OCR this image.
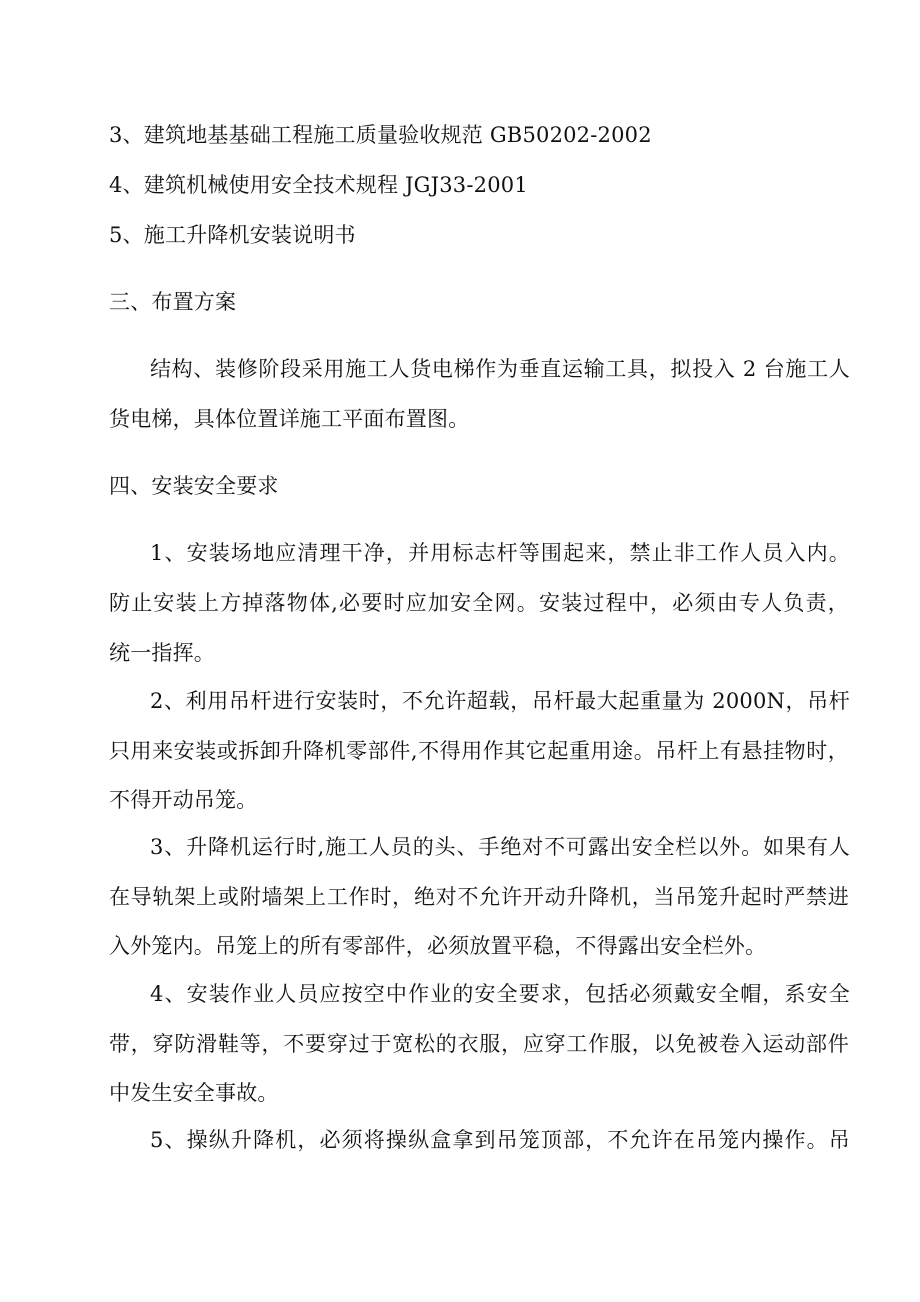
3、建筑地基基础工程施工质量验收规范 GB50202-2002
4、建筑机械使用安全技术规程 JGJ33-2001
5、施工升降机安装说明书
三、布置方案
结构、装修阶段采用施工人货电梯作为垂直运输工具，拟投入 2 台施工人
货电梯，具体位置详施工平面布置图。
四、安装安全要求
1、安装场地应清理干净，并用标志杆等围起来，禁止非工作人员入内。
防止安装上方掉落物体,必要时应加安全网。安装过程中，必须由专人负责，
统一指挥。
2、利用吊杆进行安装时，不允许超载，吊杆最大起重量为 2000N，吊杆
只用来安装或拆卸升降机零部件,不得用作其它起重用途。吊杆上有悬挂物时，
不得开动吊笼。
3、升降机运行时,施工人员的头、手绝对不可露出安全栏以外。如果有人
在导轨架上或附墙架上工作时，绝对不允许开动升降机，当吊笼升起时严禁进
入外笼内。吊笼上的所有零部件，必须放置平稳，不得露出安全栏外。
4、安装作业人员应按空中作业的安全要求，包括必须戴安全帽，系安全
带，穿防滑鞋等，不要穿过于宽松的衣服，应穿工作服，以免被卷入运动部件
中发生安全事故。
5、操纵升降机，必须将操纵盒拿到吊笼顶部，不允许在吊笼内操作。吊
